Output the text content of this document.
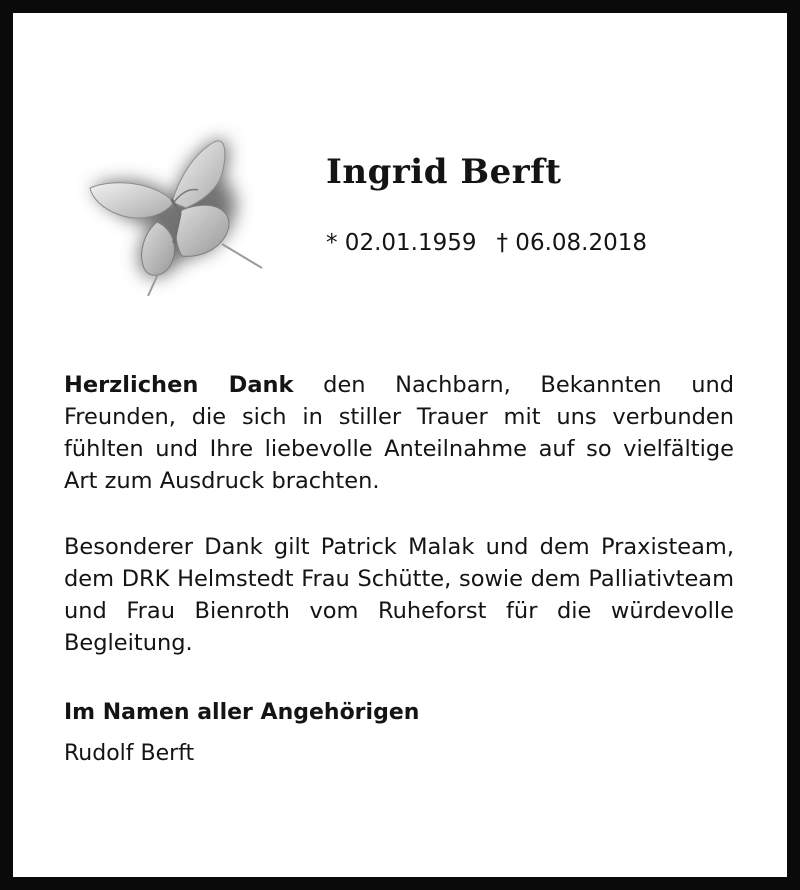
Ingrid Berft
* 02.01.1959 † 06.08.2018

Herzlichen Dank den Nachbarn, Bekannten und Freunden, die sich in stiller Trauer mit uns verbunden fühlten und Ihre liebevolle Anteilnahme auf so vielfältige Art zum Ausdruck brachten.

Besonderer Dank gilt Patrick Malak und dem Praxisteam, dem DRK Helmstedt Frau Schütte, sowie dem Palliativteam und Frau Bienroth vom Ruheforst für die würdevolle Begleitung.

Im Namen aller Angehörigen
Rudolf Berft
